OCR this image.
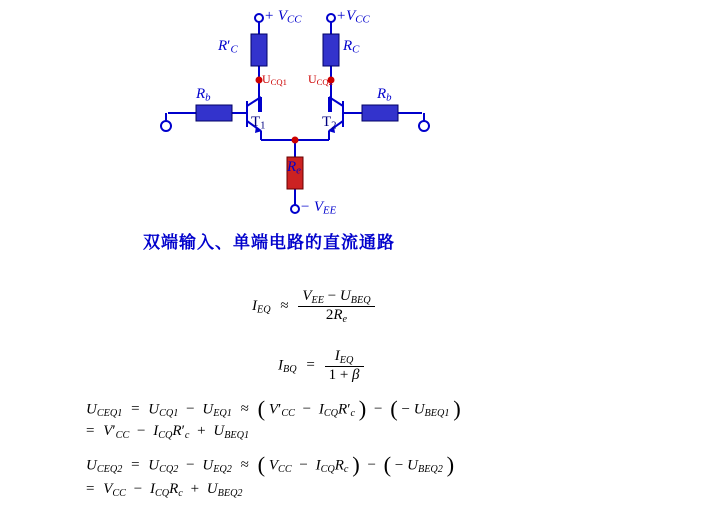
+ $V_{CC} +V_{CC}$
$R'_C$	$R_C$
$R_b$	$R_b$
$R_e$
− $V_{EE}$
$T_1$	$T_2$
$U_{CQ1}$ $U_{CQ2}$
双端输入、单端电路的直流通路
IEQ ≈ $\frac{\text{VEE − UBEQ}}{2Re}$
IBQ = $\frac{\text{IEQ}}{1 + \beta}$
UCEQ1 = UCQ1 − UEQ1 ≈ ( V′CC − ICQR′c ) − ( − UBEQ1 )
= V′CC − ICQR′c + UBEQ1
UCEQ2 = UCQ2 − UEQ2 ≈ ( VCC − ICQRc ) − ( − UBEQ2 )
= VCC − ICQRc + UBEQ2
